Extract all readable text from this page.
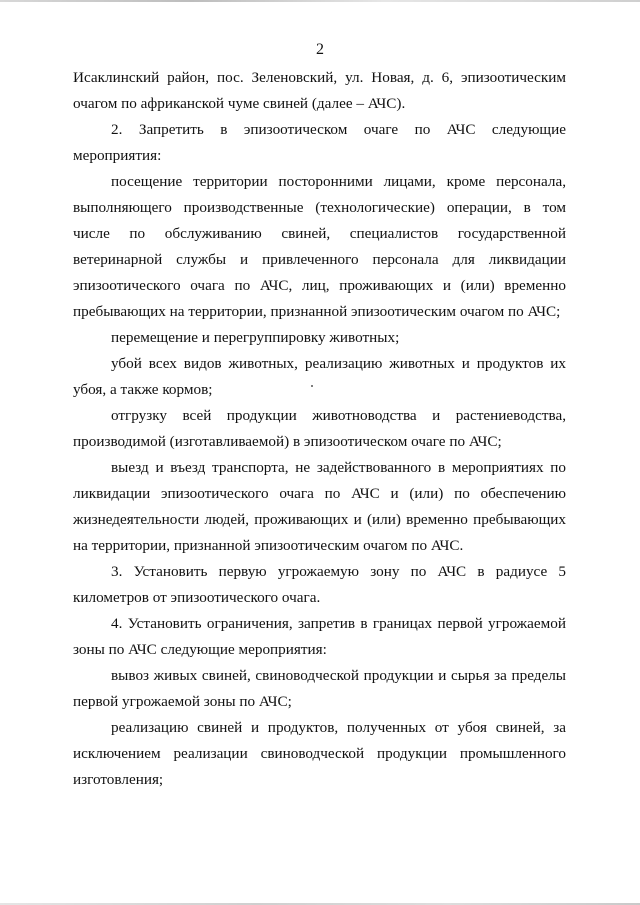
2

Исаклинский район, пос. Зеленовский, ул. Новая, д. 6, эпизоотическим очагом по африканской чуме свиней (далее – АЧС).

2. Запретить в эпизоотическом очаге по АЧС следующие мероприятия:

посещение территории посторонними лицами, кроме персонала, выполняющего производственные (технологические) операции, в том числе по обслуживанию свиней, специалистов государственной ветеринарной службы и привлеченного персонала для ликвидации эпизоотического очага по АЧС, лиц, проживающих и (или) временно пребывающих на территории, признанной эпизоотическим очагом по АЧС;

перемещение и перегруппировку животных;

убой всех видов животных, реализацию животных и продуктов их убоя, а также кормов;

отгрузку всей продукции животноводства и растениеводства, производимой (изготавливаемой) в эпизоотическом очаге по АЧС;

выезд и въезд транспорта, не задействованного в мероприятиях по ликвидации эпизоотического очага по АЧС и (или) по обеспечению жизнедеятельности людей, проживающих и (или) временно пребывающих на территории, признанной эпизоотическим очагом по АЧС.

3. Установить первую угрожаемую зону по АЧС в радиусе 5 километров от эпизоотического очага.

4. Установить ограничения, запретив в границах первой угрожаемой зоны по АЧС следующие мероприятия:

вывоз живых свиней, свиноводческой продукции и сырья за пределы первой угрожаемой зоны по АЧС;

реализацию свиней и продуктов, полученных от убоя свиней, за исключением реализации свиноводческой продукции промышленного изготовления;
